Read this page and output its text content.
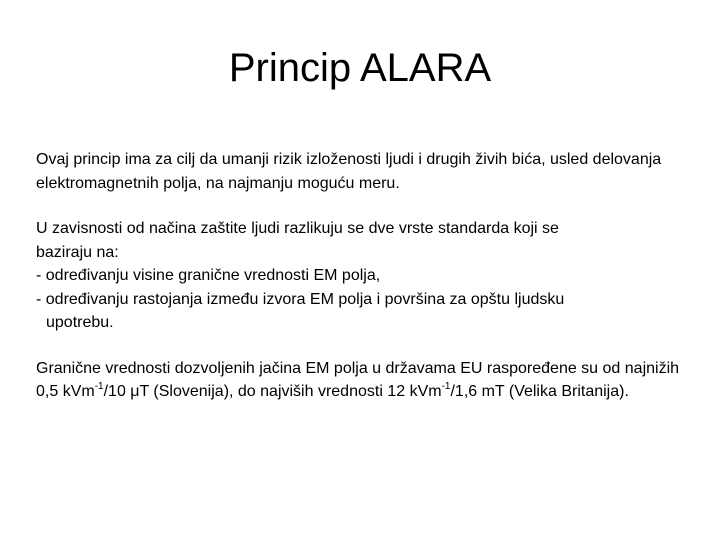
Princip ALARA

Ovaj princip ima za cilj da umanji rizik izloženosti ljudi i drugih živih bića, usled delovanja elektromagnetnih polja, na najmanju moguću meru.

U zavisnosti od načina zaštite ljudi razlikuju se dve vrste standarda koji se
baziraju na:
- određivanju visine granične vrednosti EM polja,
- određivanju rastojanja između izvora EM polja i površina za opštu ljudsku
upotrebu.

Granične vrednosti dozvoljenih jačina EM polja u državama EU raspoređene su od najnižih 0,5 kVm$^{-1}$/10 μT (Slovenija), do najviših vrednosti 12 kVm$^{-1}$/1,6 mT (Velika Britanija).
